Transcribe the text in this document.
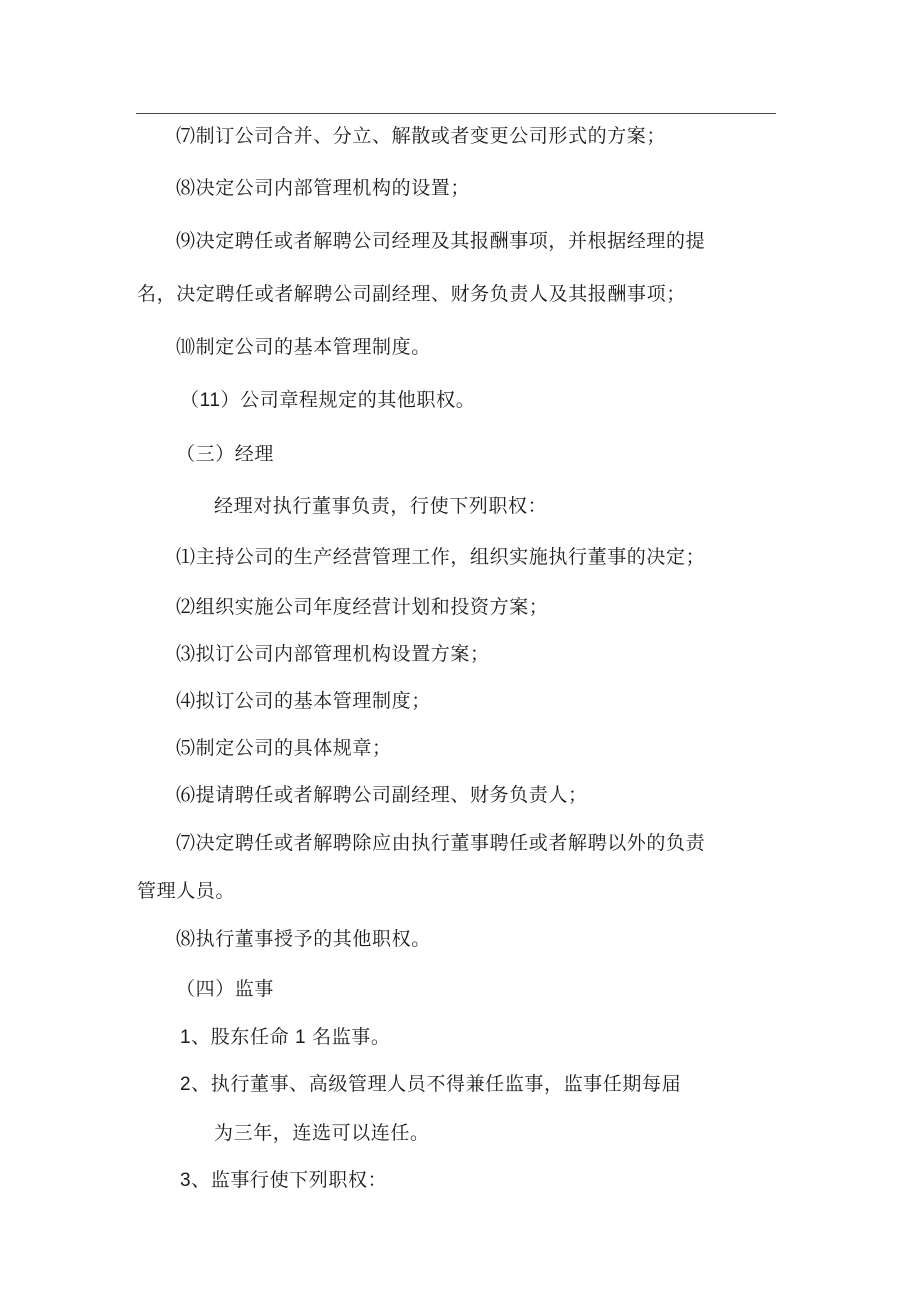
⑺制订公司合并、分立、解散或者变更公司形式的方案；
⑻决定公司内部管理机构的设置；
⑼决定聘任或者解聘公司经理及其报酬事项，并根据经理的提
名，决定聘任或者解聘公司副经理、财务负责人及其报酬事项；
⑽制定公司的基本管理制度。
（11）公司章程规定的其他职权。
（三）经理
经理对执行董事负责，行使下列职权：
⑴主持公司的生产经营管理工作，组织实施执行董事的决定；
⑵组织实施公司年度经营计划和投资方案；
⑶拟订公司内部管理机构设置方案；
⑷拟订公司的基本管理制度；
⑸制定公司的具体规章；
⑹提请聘任或者解聘公司副经理、财务负责人；
⑺决定聘任或者解聘除应由执行董事聘任或者解聘以外的负责
管理人员。
⑻执行董事授予的其他职权。
（四）监事
1、股东任命 1 名监事。
2、执行董事、高级管理人员不得兼任监事，监事任期每届
为三年，连选可以连任。
3、监事行使下列职权：
